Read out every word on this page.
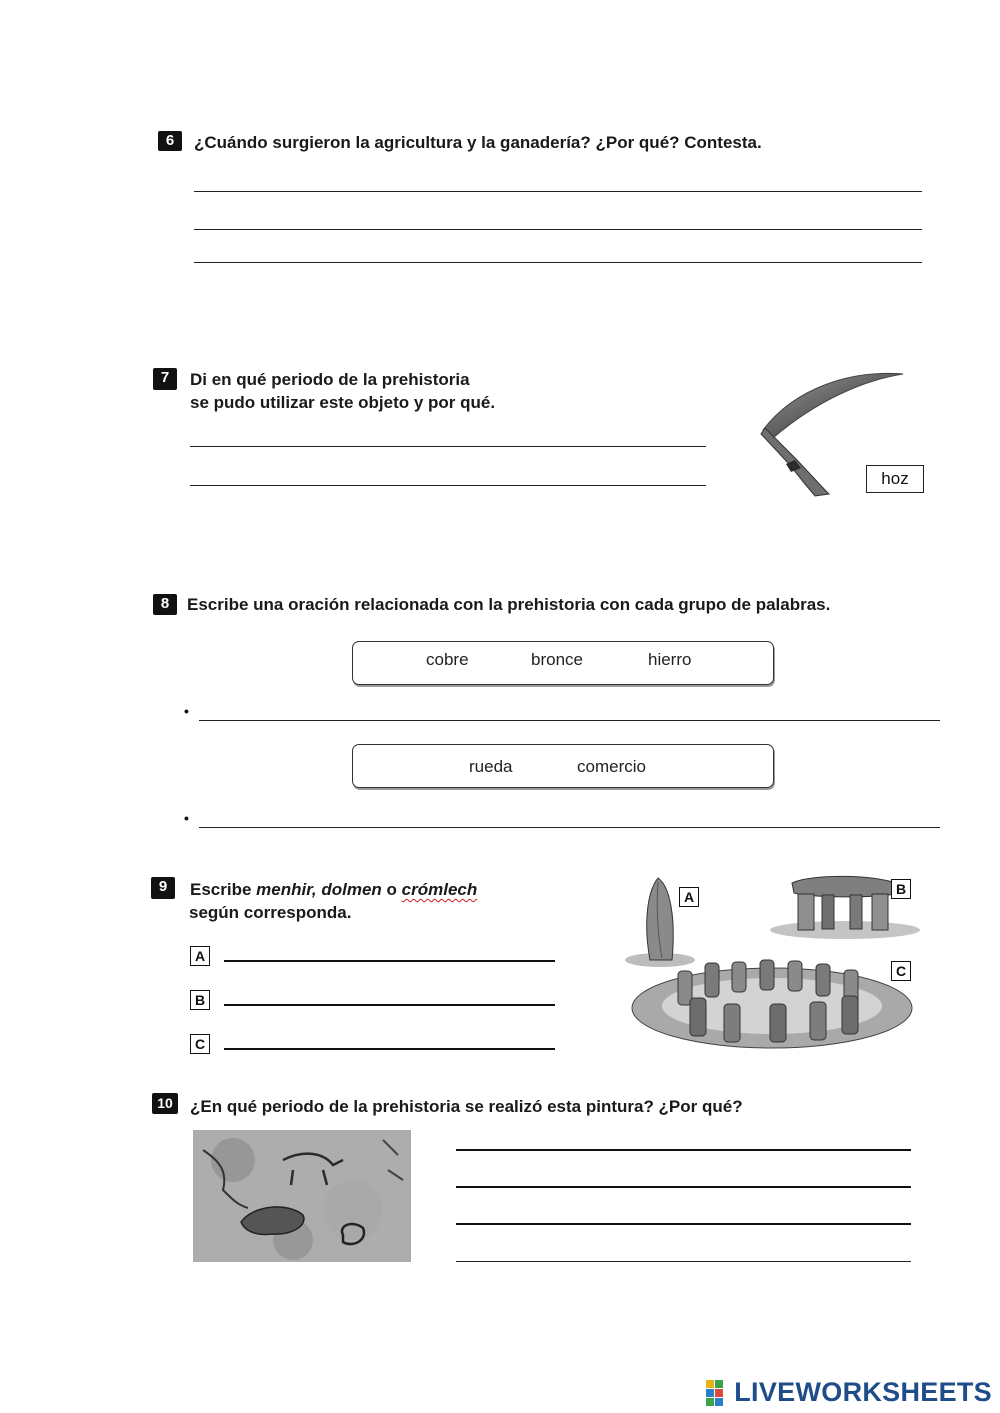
6	¿Cuándo surgieron la agricultura y la ganadería? ¿Por qué? Contesta.
7	Di en qué periodo de la prehistoria
se pudo utilizar este objeto y por qué.
hoz
8	Escribe una oración relacionada con la prehistoria con cada grupo de palabras.
cobre	bronce	hierro
•
rueda	comercio
•
9	Escribe menhir, dolmen o crómlech
según corresponda.
A
B
C
A	B
C
10	¿En qué periodo de la prehistoria se realizó esta pintura? ¿Por qué?
LIVEWORKSHEETS
